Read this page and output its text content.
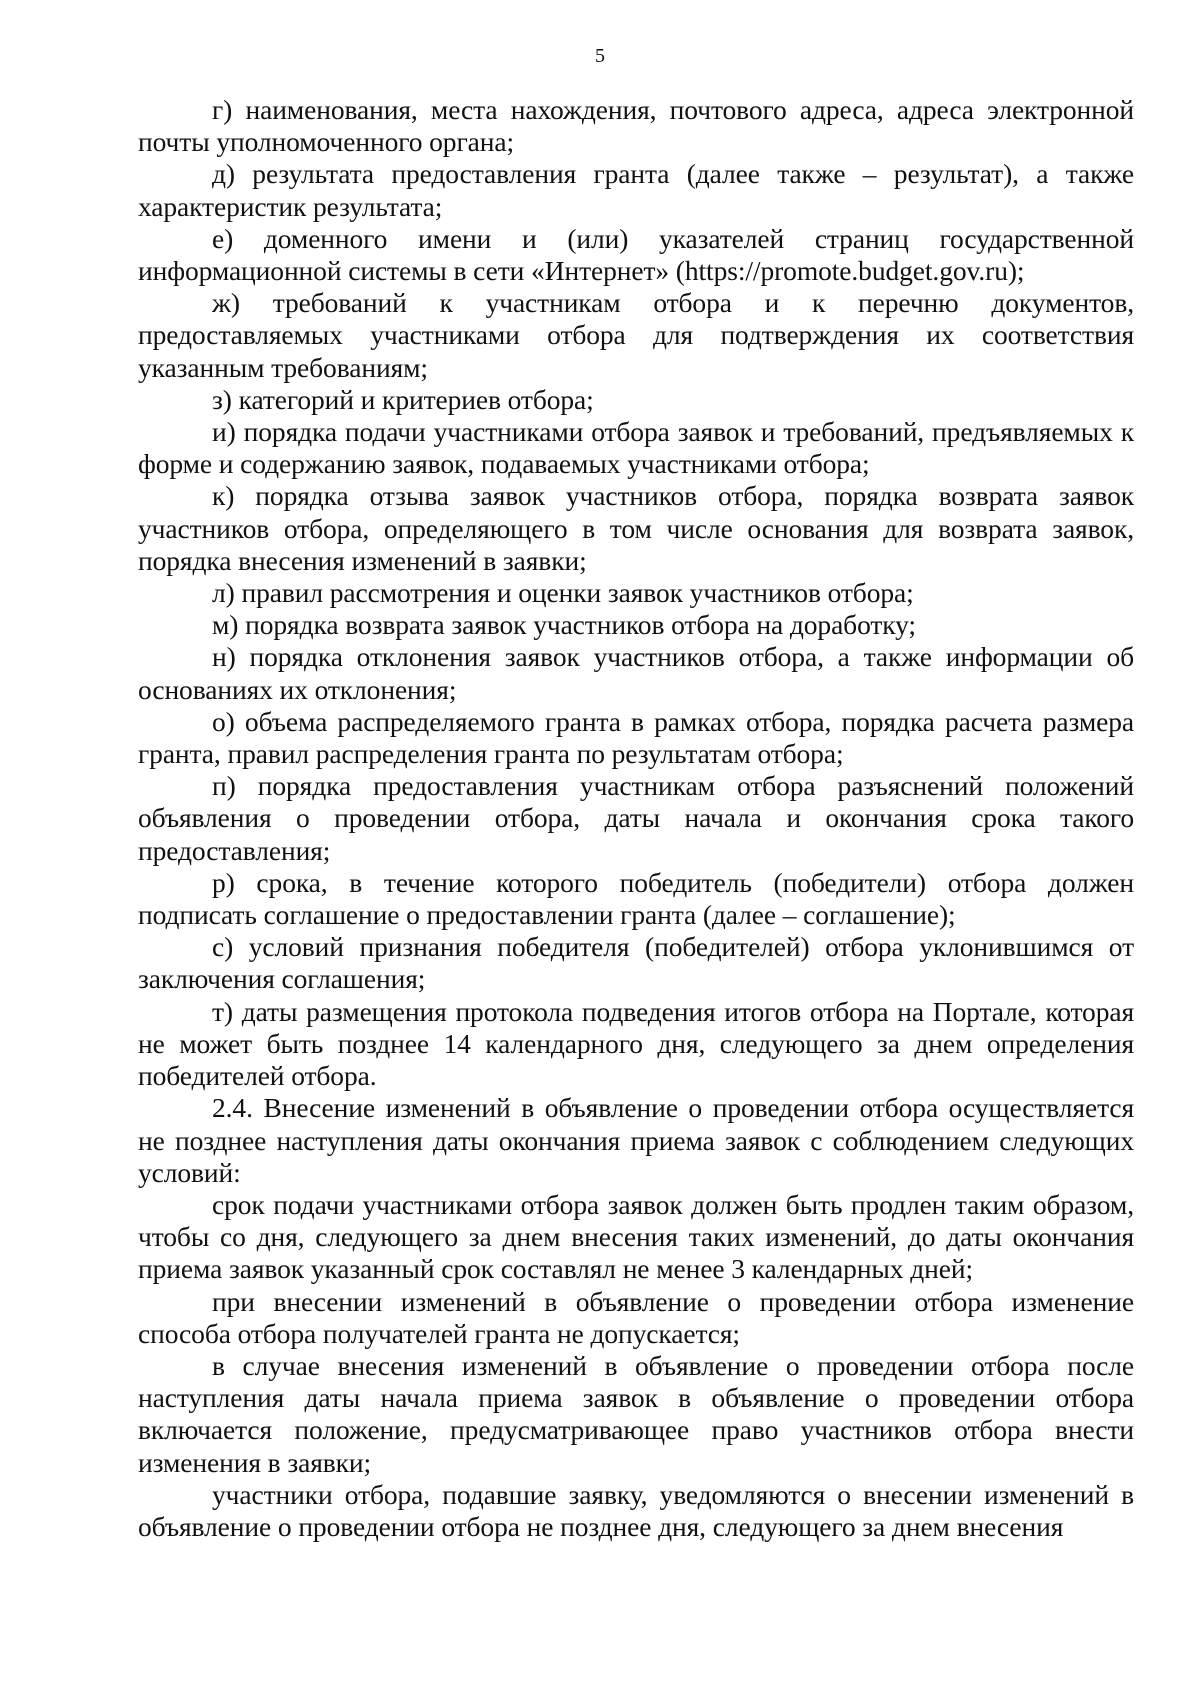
5

г) наименования, места нахождения, почтового адреса, адреса электронной почты уполномоченного органа;

д) результата предоставления гранта (далее также – результат), а также характеристик результата;

е) доменного имени и (или) указателей страниц государственной информационной системы в сети «Интернет» (https://promote.budget.gov.ru);

ж) требований к участникам отбора и к перечню документов, предоставляемых участниками отбора для подтверждения их соответствия указанным требованиям;

з) категорий и критериев отбора;

и) порядка подачи участниками отбора заявок и требований, предъявляемых к форме и содержанию заявок, подаваемых участниками отбора;

к) порядка отзыва заявок участников отбора, порядка возврата заявок участников отбора, определяющего в том числе основания для возврата заявок, порядка внесения изменений в заявки;

л) правил рассмотрения и оценки заявок участников отбора;

м) порядка возврата заявок участников отбора на доработку;

н) порядка отклонения заявок участников отбора, а также информации об основаниях их отклонения;

о) объема распределяемого гранта в рамках отбора, порядка расчета размера гранта, правил распределения гранта по результатам отбора;

п) порядка предоставления участникам отбора разъяснений положений объявления о проведении отбора, даты начала и окончания срока такого предоставления;

р) срока, в течение которого победитель (победители) отбора должен подписать соглашение о предоставлении гранта (далее – соглашение);

с) условий признания победителя (победителей) отбора уклонившимся от заключения соглашения;

т) даты размещения протокола подведения итогов отбора на Портале, которая не может быть позднее 14 календарного дня, следующего за днем определения победителей отбора.

2.4. Внесение изменений в объявление о проведении отбора осуществляется не позднее наступления даты окончания приема заявок с соблюдением следующих условий:

срок подачи участниками отбора заявок должен быть продлен таким образом, чтобы со дня, следующего за днем внесения таких изменений, до даты окончания приема заявок указанный срок составлял не менее 3 календарных дней;

при внесении изменений в объявление о проведении отбора изменение способа отбора получателей гранта не допускается;

в случае внесения изменений в объявление о проведении отбора после наступления даты начала приема заявок в объявление о проведении отбора включается положение, предусматривающее право участников отбора внести изменения в заявки;

участники отбора, подавшие заявку, уведомляются о внесении изменений в объявление о проведении отбора не позднее дня, следующего за днем внесения
